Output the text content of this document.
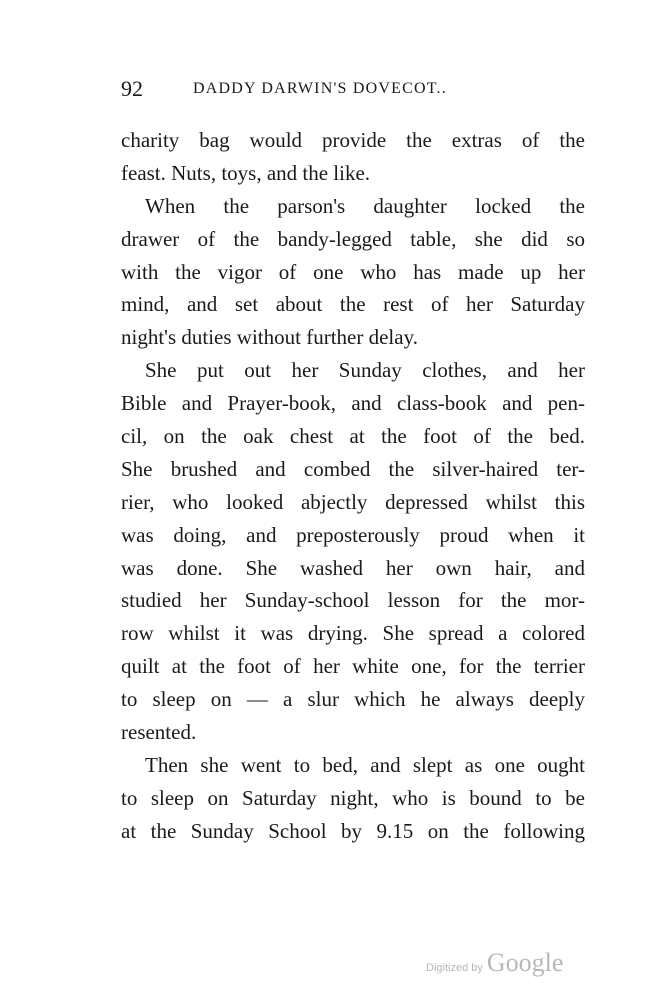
92	DADDY DARWIN'S DOVECOT..
charity bag would provide the extras of the
feast. Nuts, toys, and the like.
When the parson's daughter locked the
drawer of the bandy-legged table, she did so
with the vigor of one who has made up her
mind, and set about the rest of her Saturday
night's duties without further delay.
She put out her Sunday clothes, and her
Bible and Prayer-book, and class-book and pen-
cil, on the oak chest at the foot of the bed.
She brushed and combed the silver-haired ter-
rier, who looked abjectly depressed whilst this
was doing, and preposterously proud when it
was done. She washed her own hair, and
studied her Sunday-school lesson for the mor-
row whilst it was drying. She spread a colored
quilt at the foot of her white one, for the terrier
to sleep on — a slur which he always deeply
resented.
Then she went to bed, and slept as one ought
to sleep on Saturday night, who is bound to be
at the Sunday School by 9.15 on the following
Digitized by Google
